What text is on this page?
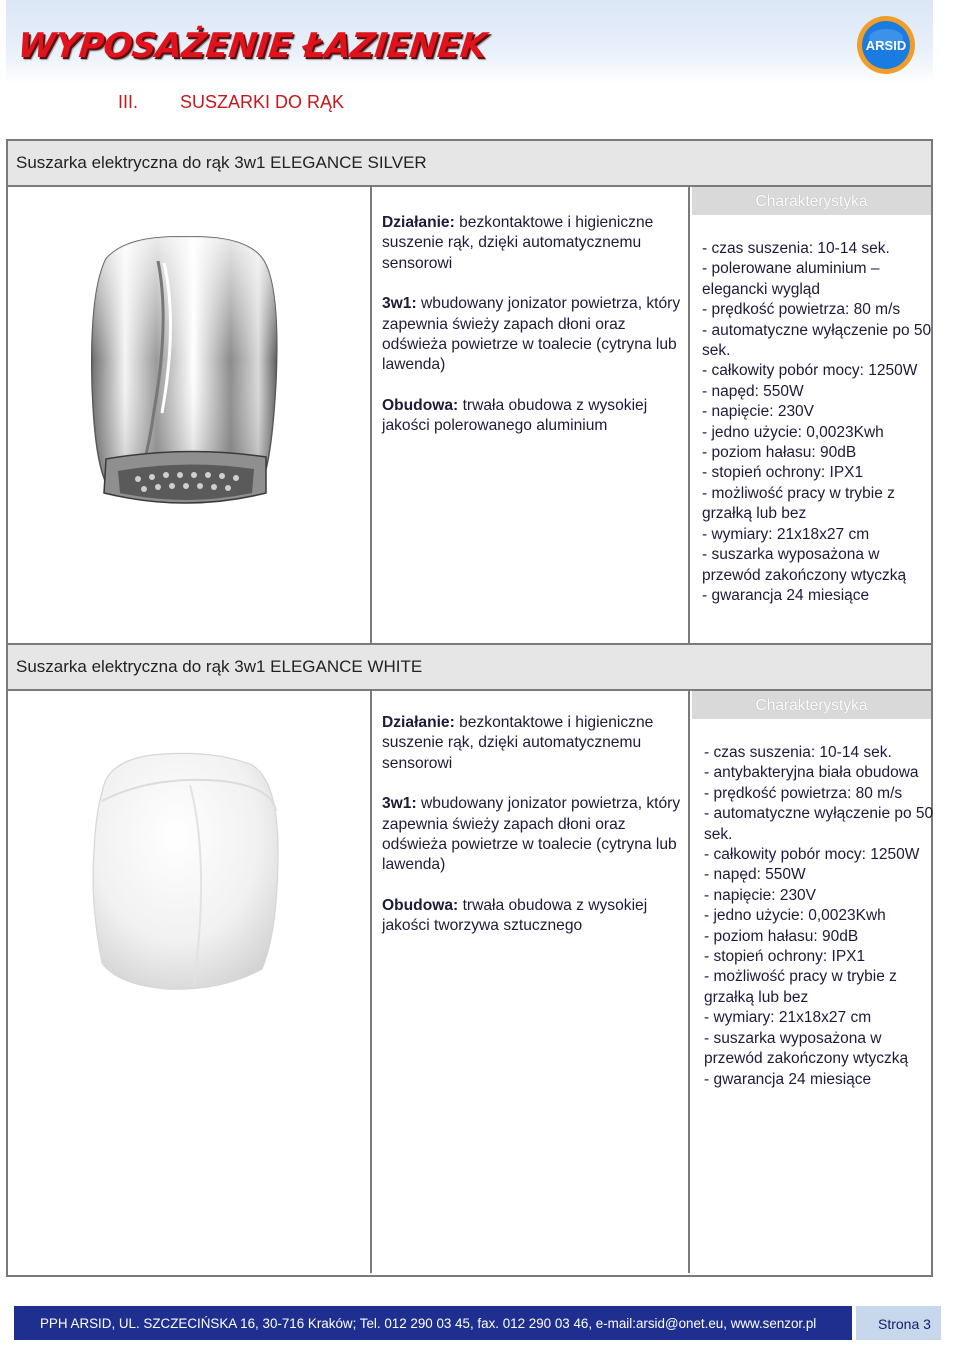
WYPOSAŻENIE ŁAZIENEK	ARSID
III. SUSZARKI DO RĄK
Suszarka elektryczna do rąk 3w1 ELEGANCE SILVER

Działanie: bezkontaktowe i higieniczne suszenie rąk, dzięki automatycznemu sensorowi

3w1: wbudowany jonizator powietrza, który zapewnia świeży zapach dłoni oraz odświeża powietrze w toalecie (cytryna lub lawenda)

Obudowa: trwała obudowa z wysokiej jakości polerowanego aluminium

Charakterystyka
- czas suszenia: 10-14 sek.
- polerowane aluminium – elegancki wygląd
- prędkość powietrza: 80 m/s
- automatyczne wyłączenie po 50 sek.
- całkowity pobór mocy: 1250W
- napęd: 550W
- napięcie: 230V
- jedno użycie: 0,0023Kwh
- poziom hałasu: 90dB
- stopień ochrony: IPX1
- możliwość pracy w trybie z grzałką lub bez
- wymiary: 21x18x27 cm
- suszarka wyposażona w przewód zakończony wtyczką
- gwarancja 24 miesiące
Suszarka elektryczna do rąk 3w1 ELEGANCE WHITE

Działanie: bezkontaktowe i higieniczne suszenie rąk, dzięki automatycznemu sensorowi

3w1: wbudowany jonizator powietrza, który zapewnia świeży zapach dłoni oraz odświeża powietrze w toalecie (cytryna lub lawenda)

Obudowa: trwała obudowa z wysokiej jakości tworzywa sztucznego

Charakterystyka
- czas suszenia: 10-14 sek.
- antybakteryjna biała obudowa
- prędkość powietrza: 80 m/s
- automatyczne wyłączenie po 50 sek.
- całkowity pobór mocy: 1250W
- napęd: 550W
- napięcie: 230V
- jedno użycie: 0,0023Kwh
- poziom hałasu: 90dB
- stopień ochrony: IPX1
- możliwość pracy w trybie z grzałką lub bez
- wymiary: 21x18x27 cm
- suszarka wyposażona w przewód zakończony wtyczką
- gwarancja 24 miesiące
PPH ARSID, UL. SZCZECIŃSKA 16, 30-716 Kraków; Tel. 012 290 03 45, fax. 012 290 03 46, e-mail:arsid@onet.eu, www.senzor.pl	Strona 3
